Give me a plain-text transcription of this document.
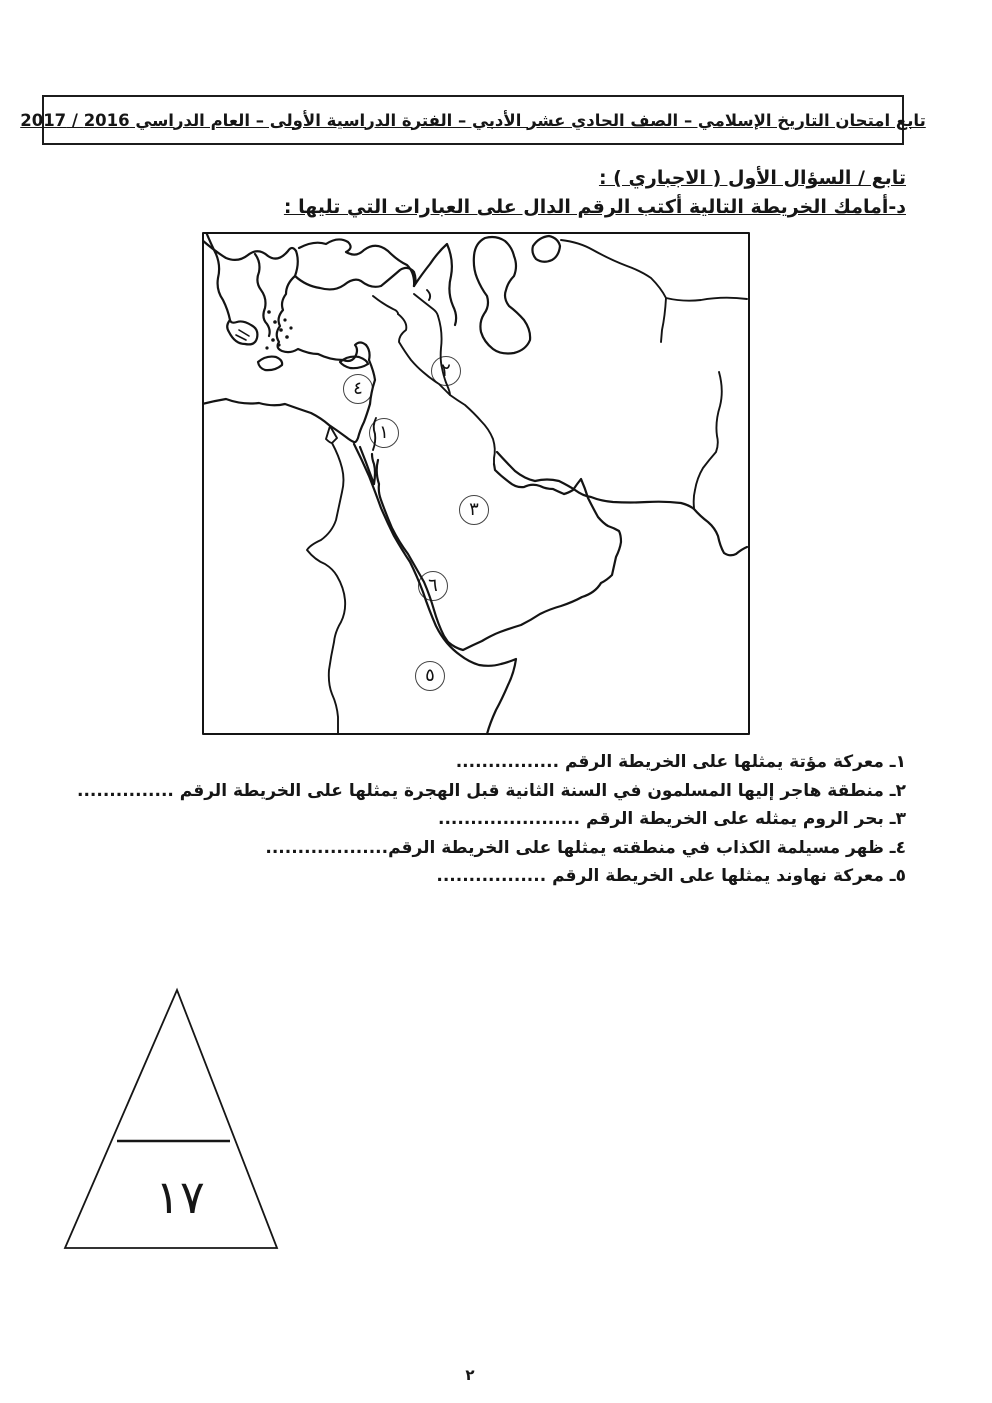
تابع امتحان التاريخ الإسلامي – الصف الحادي عشر الأدبي – الفترة الدراسية الأولى – العام الدراسي 2016 / 2017
تابع / السؤال الأول ( الاجباري ) :
د-أمامك الخريطة التالية أكتب الرقم الدال على العبارات التي تليها :
١
٢
٣
٤
٥
٦
١ـ معركة مؤتة يمثلها على الخريطة الرقم ................
٢ـ منطقة هاجر إليها المسلمون في السنة الثانية قبل الهجرة يمثلها على الخريطة الرقم ...............
٣ـ بحر الروم يمثله على الخريطة الرقم ......................
٤ـ ظهر مسيلمة الكذاب في منطقته يمثلها على الخريطة الرقم...................
٥ـ معركة نهاوند يمثلها على الخريطة الرقم .................
١٧
٢
